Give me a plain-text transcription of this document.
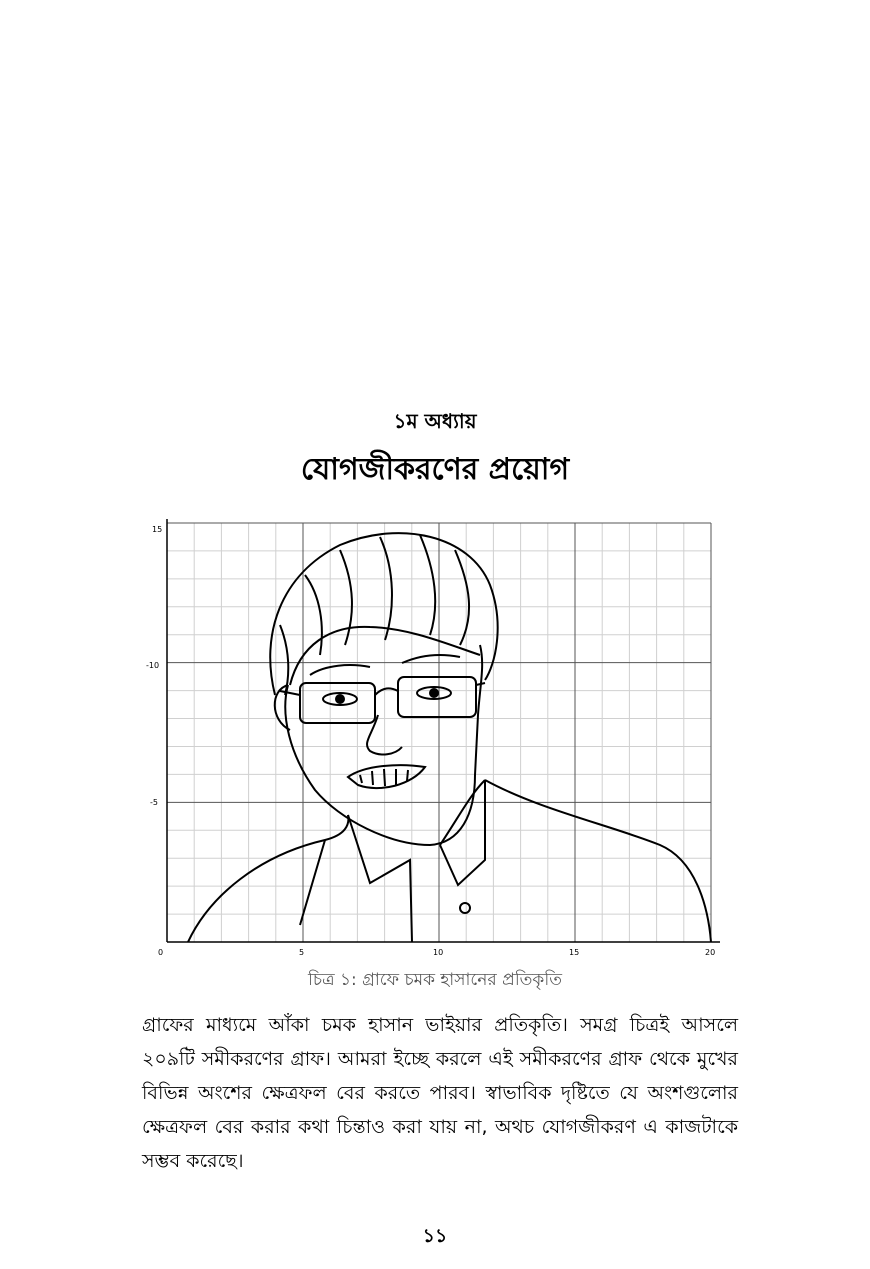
১ম অধ্যায়
যোগজীকরণের প্রয়োগ
0	5	10	15	20
15
-10
-5
চিত্র ১: গ্রাফে চমক হাসানের প্রতিকৃতি
গ্রাফের মাধ্যমে আঁকা চমক হাসান ভাইয়ার প্রতিকৃতি। সমগ্র চিত্রই আসলে ২০৯টি সমীকরণের গ্রাফ। আমরা ইচ্ছে করলে এই সমীকরণের গ্রাফ থেকে মুখের বিভিন্ন অংশের ক্ষেত্রফল বের করতে পারব। স্বাভাবিক দৃষ্টিতে যে অংশগুলোর ক্ষেত্রফল বের করার কথা চিন্তাও করা যায় না, অথচ যোগজীকরণ এ কাজটাকে সম্ভব করেছে।
১১
